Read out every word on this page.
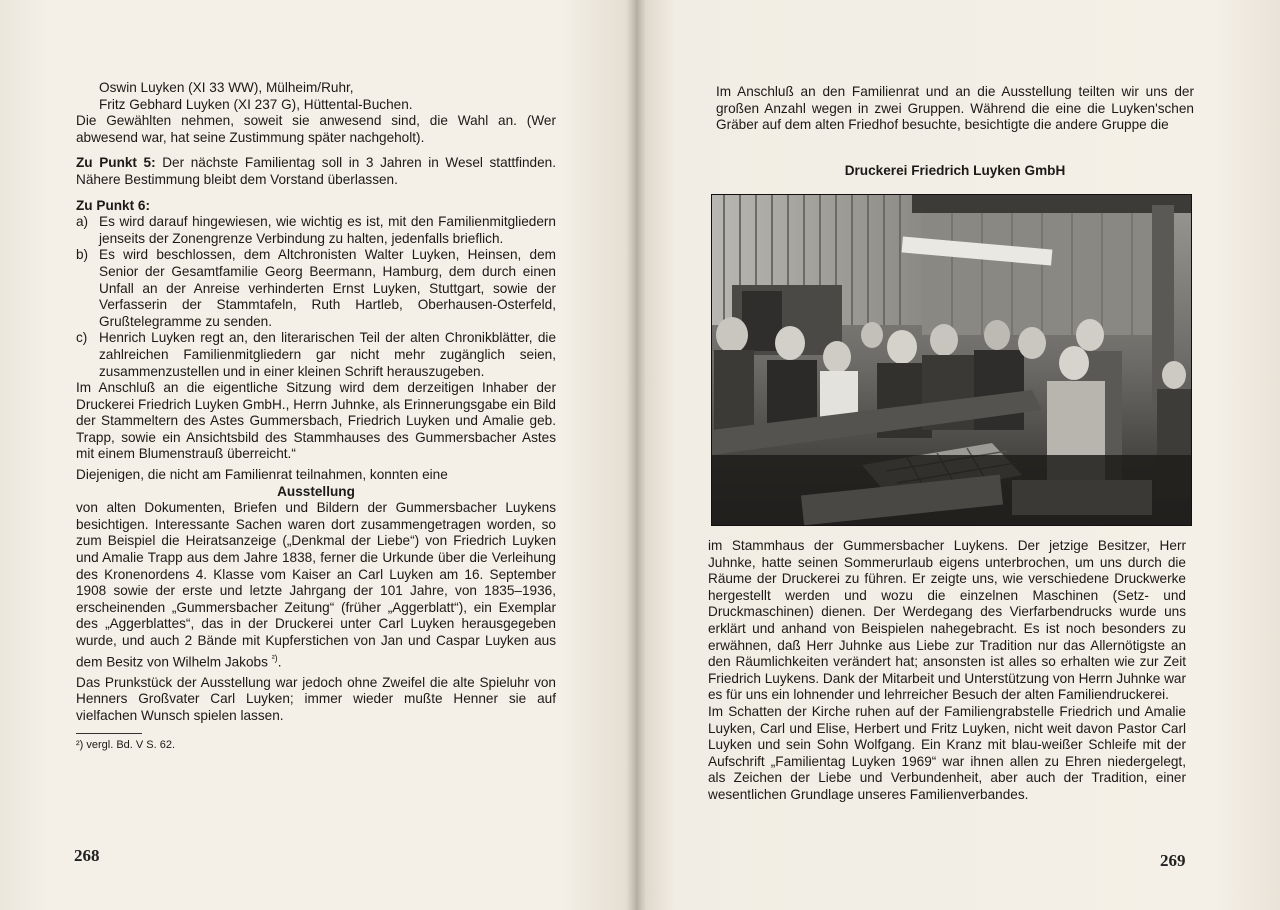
Oswin Luyken (XI 33 WW), Mülheim/Ruhr,

Fritz Gebhard Luyken (XI 237 G), Hüttental-Buchen.

Die Gewählten nehmen, soweit sie anwesend sind, die Wahl an. (Wer abwesend war, hat seine Zustimmung später nachgeholt).

Zu Punkt 5: Der nächste Familientag soll in 3 Jahren in Wesel stattfinden. Nähere Bestimmung bleibt dem Vorstand überlassen.

Zu Punkt 6:

a) Es wird darauf hingewiesen, wie wichtig es ist, mit den Familienmitgliedern jenseits der Zonengrenze Verbindung zu halten, jedenfalls brieflich.

b) Es wird beschlossen, dem Altchronisten Walter Luyken, Heinsen, dem Senior der Gesamtfamilie Georg Beermann, Hamburg, dem durch einen Unfall an der Anreise verhinderten Ernst Luyken, Stuttgart, sowie der Verfasserin der Stammtafeln, Ruth Hartleb, Oberhausen-Osterfeld, Grußtelegramme zu senden.

c) Henrich Luyken regt an, den literarischen Teil der alten Chronikblätter, die zahlreichen Familienmitgliedern gar nicht mehr zugänglich seien, zusammenzustellen und in einer kleinen Schrift herauszugeben.

Im Anschluß an die eigentliche Sitzung wird dem derzeitigen Inhaber der Druckerei Friedrich Luyken GmbH., Herrn Juhnke, als Erinnerungsgabe ein Bild der Stammeltern des Astes Gummersbach, Friedrich Luyken und Amalie geb. Trapp, sowie ein Ansichtsbild des Stammhauses des Gummersbacher Astes mit einem Blumenstrauß überreicht.“

Diejenigen, die nicht am Familienrat teilnahmen, konnten eine

Ausstellung

von alten Dokumenten, Briefen und Bildern der Gummersbacher Luykens besichtigen. Interessante Sachen waren dort zusammengetragen worden, so zum Beispiel die Heiratsanzeige („Denkmal der Liebe“) von Friedrich Luyken und Amalie Trapp aus dem Jahre 1838, ferner die Urkunde über die Verleihung des Kronenordens 4. Klasse vom Kaiser an Carl Luyken am 16. September 1908 sowie der erste und letzte Jahrgang der 101 Jahre, von 1835–1936, erscheinenden „Gummersbacher Zeitung“ (früher „Aggerblatt“), ein Exemplar des „Aggerblattes“, das in der Druckerei unter Carl Luyken herausgegeben wurde, und auch 2 Bände mit Kupferstichen von Jan und Caspar Luyken aus dem Besitz von Wilhelm Jakobs $^{^2)}$.

Das Prunkstück der Ausstellung war jedoch ohne Zweifel die alte Spieluhr von Henners Großvater Carl Luyken; immer wieder mußte Henner sie auf vielfachen Wunsch spielen lassen.

²) vergl. Bd. V S. 62.

268

Im Anschluß an den Familienrat und an die Ausstellung teilten wir uns der großen Anzahl wegen in zwei Gruppen. Während die eine die Luyken'schen Gräber auf dem alten Friedhof besuchte, besichtigte die andere Gruppe die

Druckerei Friedrich Luyken GmbH

im Stammhaus der Gummersbacher Luykens. Der jetzige Besitzer, Herr Juhnke, hatte seinen Sommerurlaub eigens unterbrochen, um uns durch die Räume der Druckerei zu führen. Er zeigte uns, wie verschiedene Druckwerke hergestellt werden und wozu die einzelnen Maschinen (Setz- und Druckmaschinen) dienen. Der Werdegang des Vierfarbendrucks wurde uns erklärt und anhand von Beispielen nahegebracht. Es ist noch besonders zu erwähnen, daß Herr Juhnke aus Liebe zur Tradition nur das Allernötigste an den Räumlichkeiten verändert hat; ansonsten ist alles so erhalten wie zur Zeit Friedrich Luykens. Dank der Mitarbeit und Unterstützung von Herrn Juhnke war es für uns ein lohnender und lehrreicher Besuch der alten Familiendruckerei.

Im Schatten der Kirche ruhen auf der Familiengrabstelle Friedrich und Amalie Luyken, Carl und Elise, Herbert und Fritz Luyken, nicht weit davon Pastor Carl Luyken und sein Sohn Wolfgang. Ein Kranz mit blau-weißer Schleife mit der Aufschrift „Familientag Luyken 1969“ war ihnen allen zu Ehren niedergelegt, als Zeichen der Liebe und Verbundenheit, aber auch der Tradition, einer wesentlichen Grundlage unseres Familienverbandes.

269
